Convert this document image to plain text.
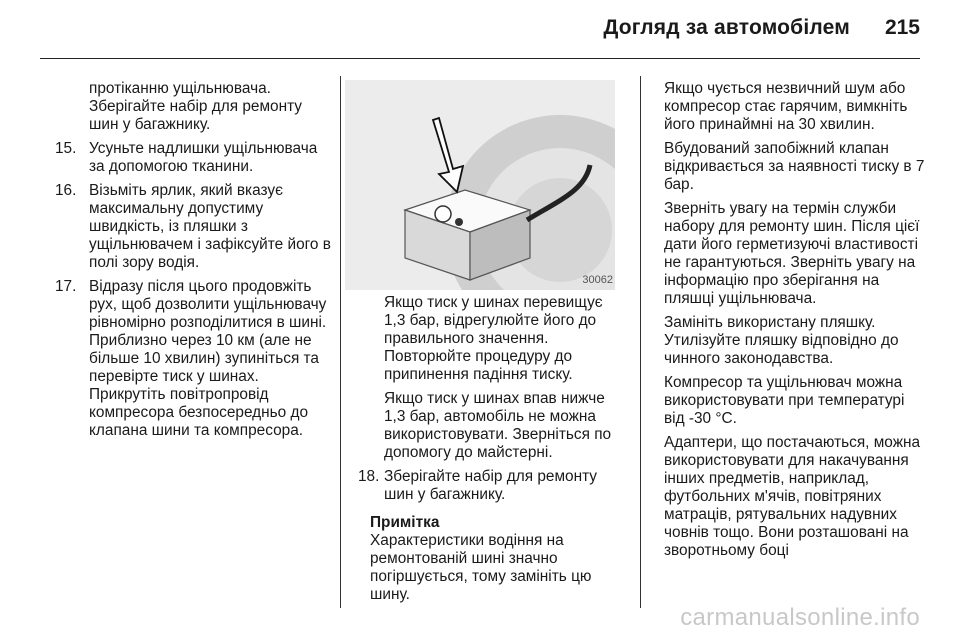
Догляд за автомобілем 215

протіканню ущільнювача. Зберігайте набір для ремонту шин у багажнику.

15. Усуньте надлишки ущільнювача за допомогою тканини.
16. Візьміть ярлик, який вказує максимальну допустиму швидкість, із пляшки з ущільнювачем і зафіксуйте його в полі зору водія.
17. Відразу після цього продовжіть рух, щоб дозволити ущільнювачу рівномірно розподілитися в шині. Приблизно через 10 км (але не більше 10 хвилин) зупиніться та перевірте тиск у шинах. Прикрутіть повітропровід компресора безпосередньо до клапана шини та компресора.
30062

Якщо тиск у шинах перевищує 1,3 бар, відрегулюйте його до правильного значення. Повторюйте процедуру до припинення падіння тиску.

Якщо тиск у шинах впав нижче 1,3 бар, автомобіль не можна використовувати. Зверніться по допомогу до майстерні.

18. Зберігайте набір для ремонту шин у багажнику.
Примітка
Характеристики водіння на ремонтованій шині значно погіршується, тому замініть цю шину.

Якщо чується незвичний шум або компресор стає гарячим, вимкніть його принаймні на 30 хвилин.

Вбудований запобіжний клапан відкривається за наявності тиску в 7 бар.

Зверніть увагу на термін служби набору для ремонту шин. Після цієї дати його герметизуючі властивості не гарантуються. Зверніть увагу на інформацію про зберігання на пляшці ущільнювача.

Замініть використану пляшку. Утилізуйте пляшку відповідно до чинного законодавства.

Компресор та ущільнювач можна використовувати при температурі від -30 °C.

Адаптери, що постачаються, можна використовувати для накачування інших предметів, наприклад, футбольних м'ячів, повітряних матраців, рятувальних надувних човнів тощо. Вони розташовані на зворотньому боці

carmanualsonline.info
